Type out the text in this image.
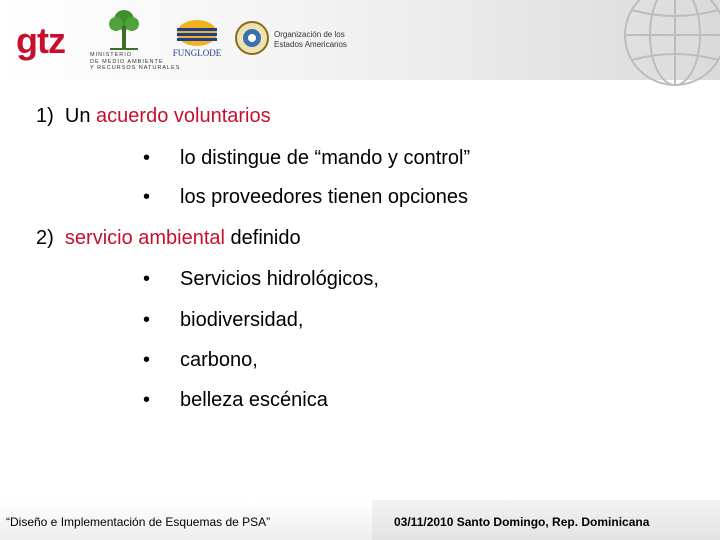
gtz	MINISTERIO
DE MEDIO AMBIENTE
Y RECURSOS NATURALES
FUNGLODE
Organización de los
Estados Americanos
1) Un acuerdo voluntarios
• lo distingue de “mando y control”
• los proveedores tienen opciones
2) servicio ambiental definido
• Servicios hidrológicos,
• biodiversidad,
• carbono,
• belleza escénica
“Diseño e Implementación de Esquemas de PSA”	03/11/2010 Santo Domingo, Rep. Dominicana
